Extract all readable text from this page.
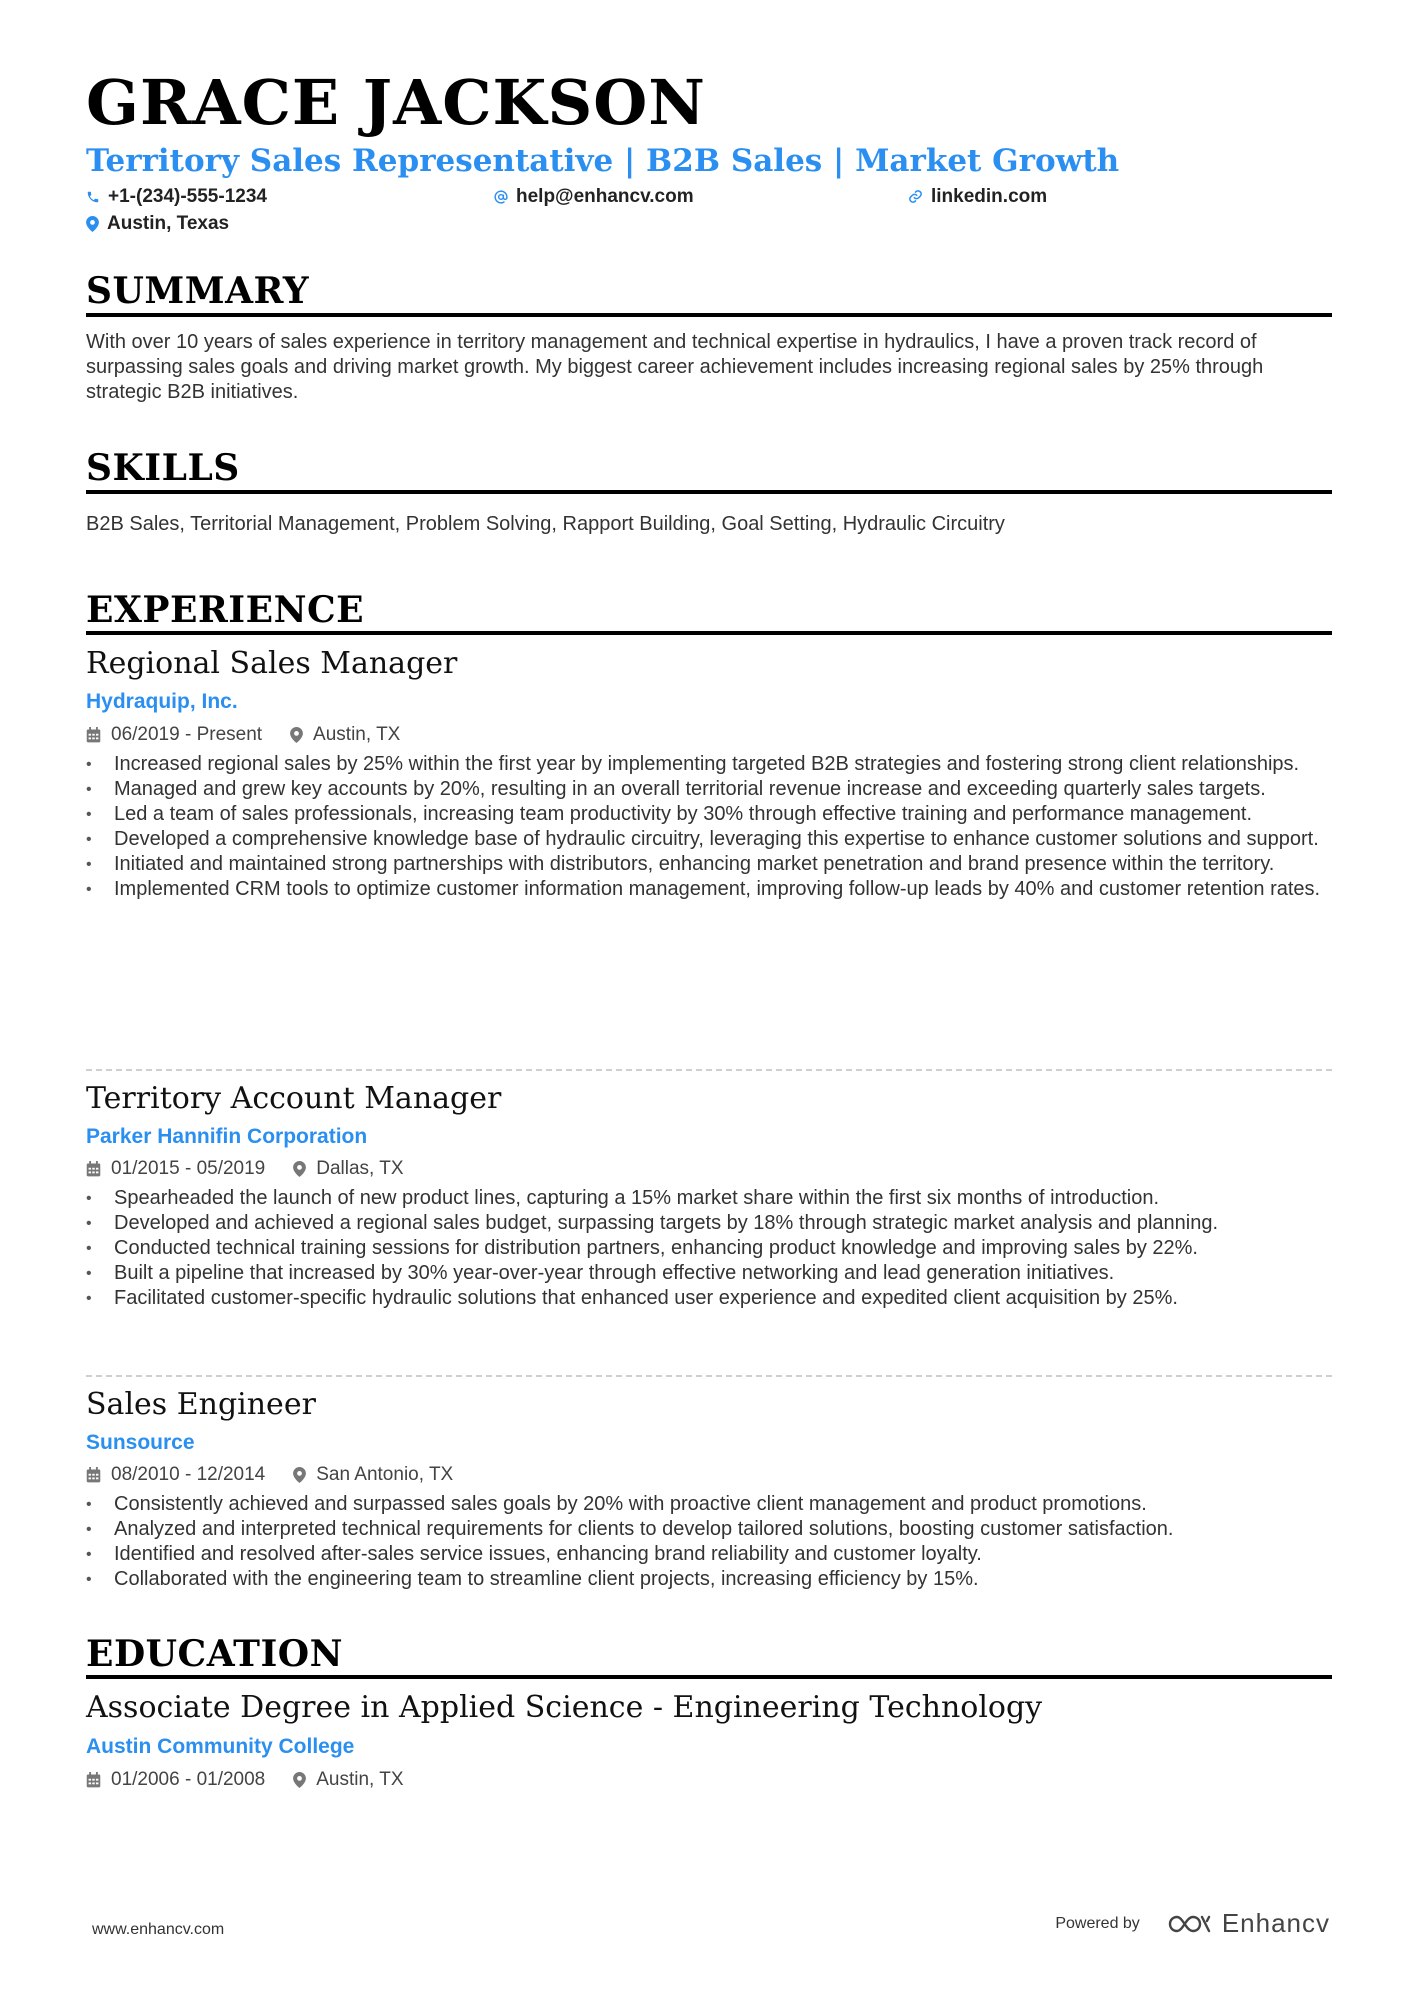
GRACE JACKSON
Territory Sales Representative | B2B Sales | Market Growth
+1-(234)-555-1234	help@enhancv.com	linkedin.com
Austin, Texas
SUMMARY
With over 10 years of sales experience in territory management and technical expertise in hydraulics, I have a proven track record of surpassing sales goals and driving market growth. My biggest career achievement includes increasing regional sales by 25% through strategic B2B initiatives.
SKILLS
B2B Sales, Territorial Management, Problem Solving, Rapport Building, Goal Setting, Hydraulic Circuitry
EXPERIENCE
Regional Sales Manager
Hydraquip, Inc.
06/2019 - Present	Austin, TX
• Increased regional sales by 25% within the first year by implementing targeted B2B strategies and fostering strong client relationships.
• Managed and grew key accounts by 20%, resulting in an overall territorial revenue increase and exceeding quarterly sales targets.
• Led a team of sales professionals, increasing team productivity by 30% through effective training and performance management.
• Developed a comprehensive knowledge base of hydraulic circuitry, leveraging this expertise to enhance customer solutions and support.
• Initiated and maintained strong partnerships with distributors, enhancing market penetration and brand presence within the territory.
• Implemented CRM tools to optimize customer information management, improving follow-up leads by 40% and customer retention rates.
Territory Account Manager
Parker Hannifin Corporation
01/2015 - 05/2019	Dallas, TX
• Spearheaded the launch of new product lines, capturing a 15% market share within the first six months of introduction.
• Developed and achieved a regional sales budget, surpassing targets by 18% through strategic market analysis and planning.
• Conducted technical training sessions for distribution partners, enhancing product knowledge and improving sales by 22%.
• Built a pipeline that increased by 30% year-over-year through effective networking and lead generation initiatives.
• Facilitated customer-specific hydraulic solutions that enhanced user experience and expedited client acquisition by 25%.
Sales Engineer
Sunsource
08/2010 - 12/2014	San Antonio, TX
• Consistently achieved and surpassed sales goals by 20% with proactive client management and product promotions.
• Analyzed and interpreted technical requirements for clients to develop tailored solutions, boosting customer satisfaction.
• Identified and resolved after-sales service issues, enhancing brand reliability and customer loyalty.
• Collaborated with the engineering team to streamline client projects, increasing efficiency by 15%.
EDUCATION
Associate Degree in Applied Science - Engineering Technology
Austin Community College
01/2006 - 01/2008	Austin, TX
www.enhancv.com	Powered by	Enhancv
